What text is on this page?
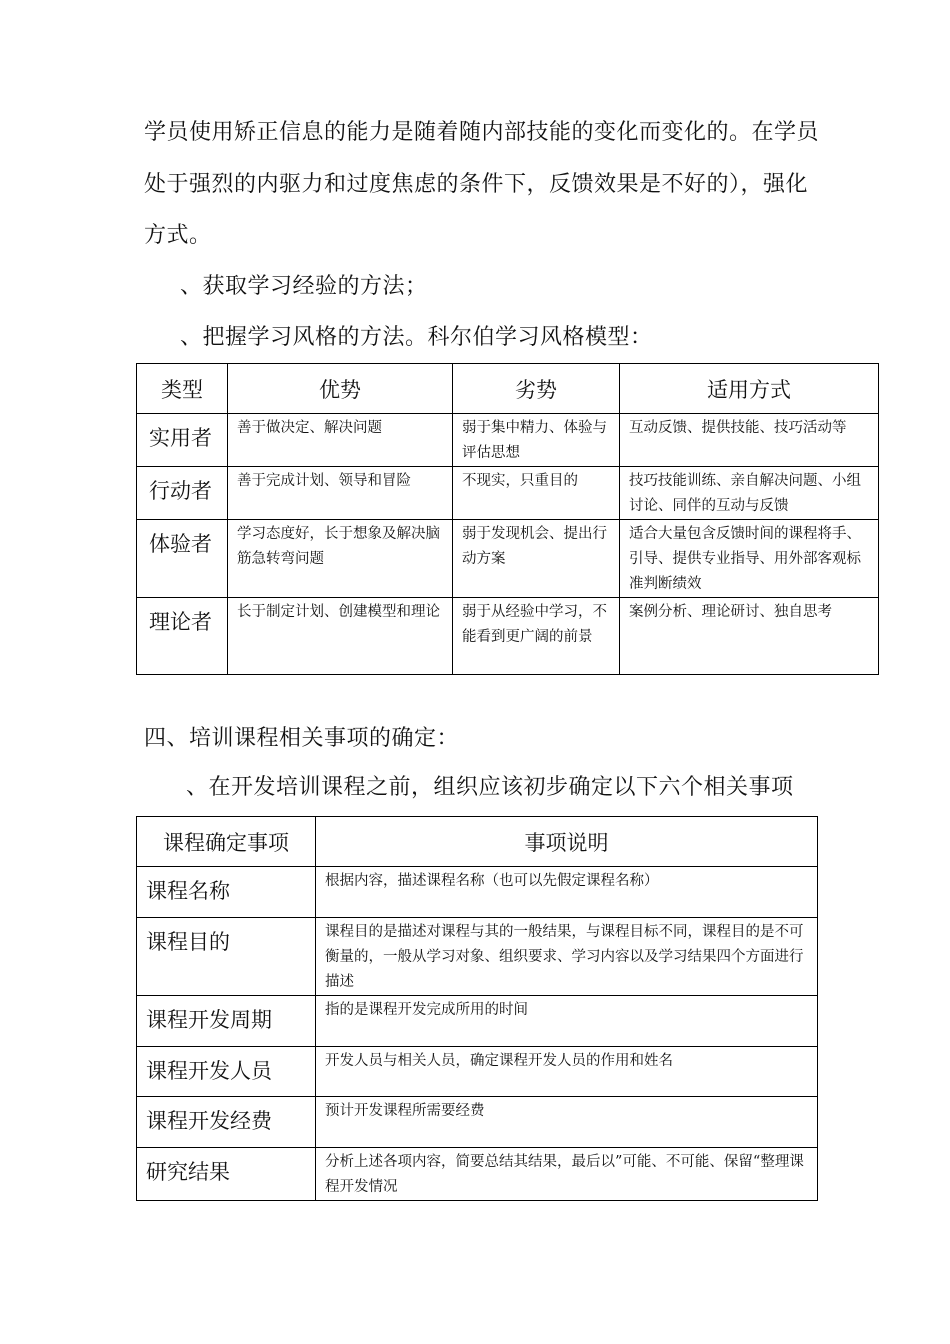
学员使用矫正信息的能力是随着随内部技能的变化而变化的。在学员
处于强烈的内驱力和过度焦虑的条件下，反馈效果是不好的），强化
方式。
、获取学习经验的方法；
、把握学习风格的方法。科尔伯学习风格模型：
类型	优势	劣势	适用方式
实用者	善于做决定、解决问题	弱于集中精力、体验与评估思想	互动反馈、提供技能、技巧活动等
行动者	善于完成计划、领导和冒险	不现实，只重目的	技巧技能训练、亲自解决问题、小组讨论、同伴的互动与反馈
体验者	学习态度好，长于想象及解决脑筋急转弯问题	弱于发现机会、提出行动方案	适合大量包含反馈时间的课程将手、引导、提供专业指导、用外部客观标准判断绩效
理论者	长于制定计划、创建模型和理论	弱于从经验中学习，不能看到更广阔的前景	案例分析、理论研讨、独自思考
四、培训课程相关事项的确定：
、在开发培训课程之前，组织应该初步确定以下六个相关事项
课程确定事项	事项说明
课程名称	根据内容，描述课程名称（也可以先假定课程名称）
课程目的	课程目的是描述对课程与其的一般结果，与课程目标不同，课程目的是不可衡量的，一般从学习对象、组织要求、学习内容以及学习结果四个方面进行描述
课程开发周期	指的是课程开发完成所用的时间
课程开发人员	开发人员与相关人员，确定课程开发人员的作用和姓名
课程开发经费	预计开发课程所需要经费
研究结果	分析上述各项内容，简要总结其结果，最后以”可能、不可能、保留“整理课程开发情况
